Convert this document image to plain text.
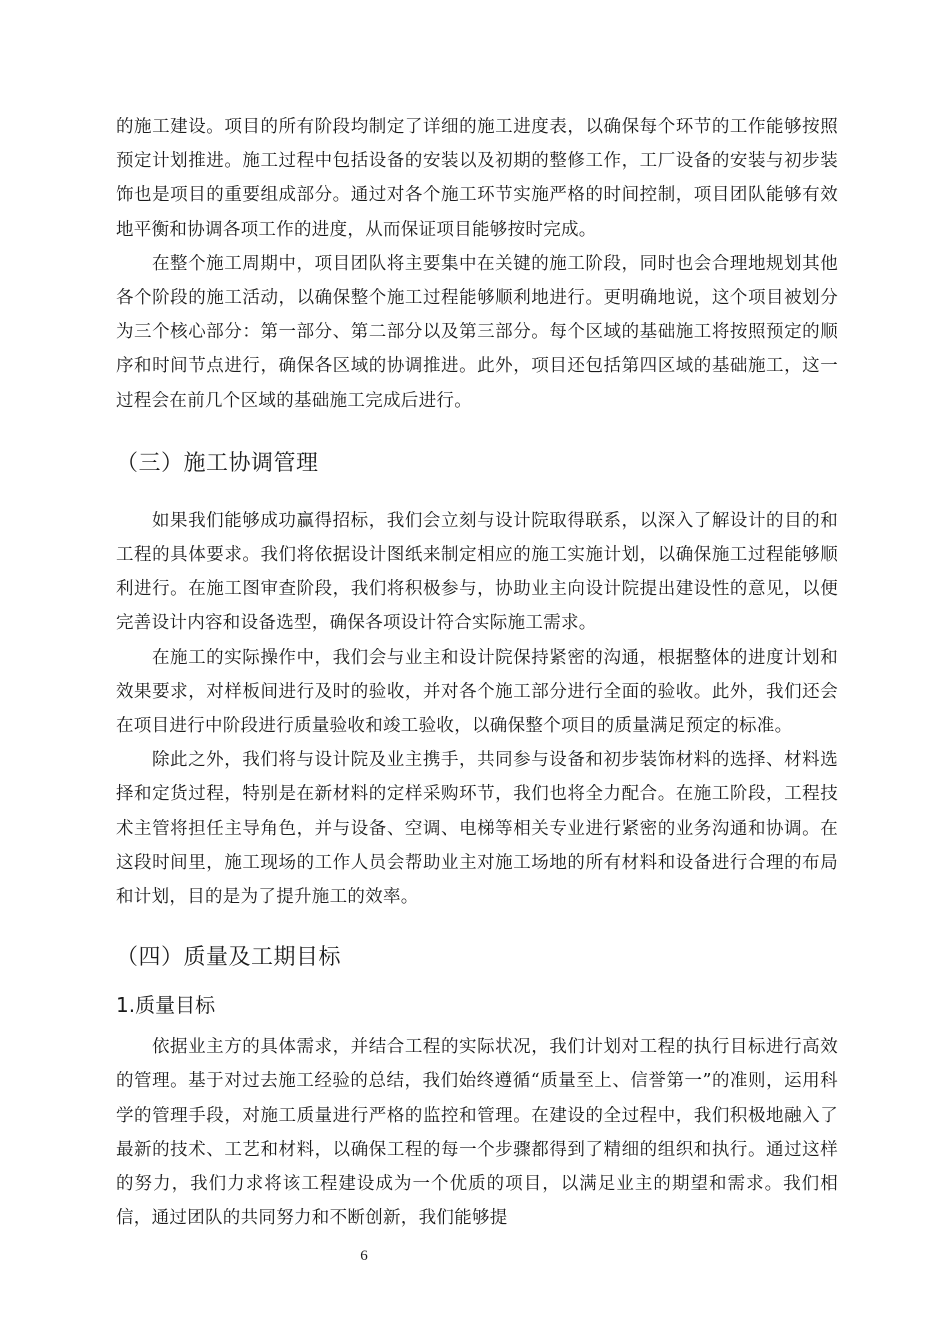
的施工建设。项目的所有阶段均制定了详细的施工进度表，以确保每个环节的工作能够按照预定计划推进。施工过程中包括设备的安装以及初期的整修工作，工厂设备的安装与初步装饰也是项目的重要组成部分。通过对各个施工环节实施严格的时间控制，项目团队能够有效地平衡和协调各项工作的进度，从而保证项目能够按时完成。

在整个施工周期中，项目团队将主要集中在关键的施工阶段，同时也会合理地规划其他各个阶段的施工活动，以确保整个施工过程能够顺利地进行。更明确地说，这个项目被划分为三个核心部分：第一部分、第二部分以及第三部分。每个区域的基础施工将按照预定的顺序和时间节点进行，确保各区域的协调推进。此外，项目还包括第四区域的基础施工，这一过程会在前几个区域的基础施工完成后进行。

（三）施工协调管理

如果我们能够成功赢得招标，我们会立刻与设计院取得联系，以深入了解设计的目的和工程的具体要求。我们将依据设计图纸来制定相应的施工实施计划，以确保施工过程能够顺利进行。在施工图审查阶段，我们将积极参与，协助业主向设计院提出建设性的意见，以便完善设计内容和设备选型，确保各项设计符合实际施工需求。

在施工的实际操作中，我们会与业主和设计院保持紧密的沟通，根据整体的进度计划和效果要求，对样板间进行及时的验收，并对各个施工部分进行全面的验收。此外，我们还会在项目进行中阶段进行质量验收和竣工验收，以确保整个项目的质量满足预定的标准。

除此之外，我们将与设计院及业主携手，共同参与设备和初步装饰材料的选择、材料选择和定货过程，特别是在新材料的定样采购环节，我们也将全力配合。在施工阶段，工程技术主管将担任主导角色，并与设备、空调、电梯等相关专业进行紧密的业务沟通和协调。在这段时间里，施工现场的工作人员会帮助业主对施工场地的所有材料和设备进行合理的布局和计划，目的是为了提升施工的效率。

（四）质量及工期目标
1.质量目标

依据业主方的具体需求，并结合工程的实际状况，我们计划对工程的执行目标进行高效的管理。基于对过去施工经验的总结，我们始终遵循“质量至上、信誉第一”的准则，运用科学的管理手段，对施工质量进行严格的监控和管理。在建设的全过程中，我们积极地融入了最新的技术、工艺和材料，以确保工程的每一个步骤都得到了精细的组织和执行。通过这样的努力，我们力求将该工程建设成为一个优质的项目，以满足业主的期望和需求。我们相信，通过团队的共同努力和不断创新，我们能够提

6
